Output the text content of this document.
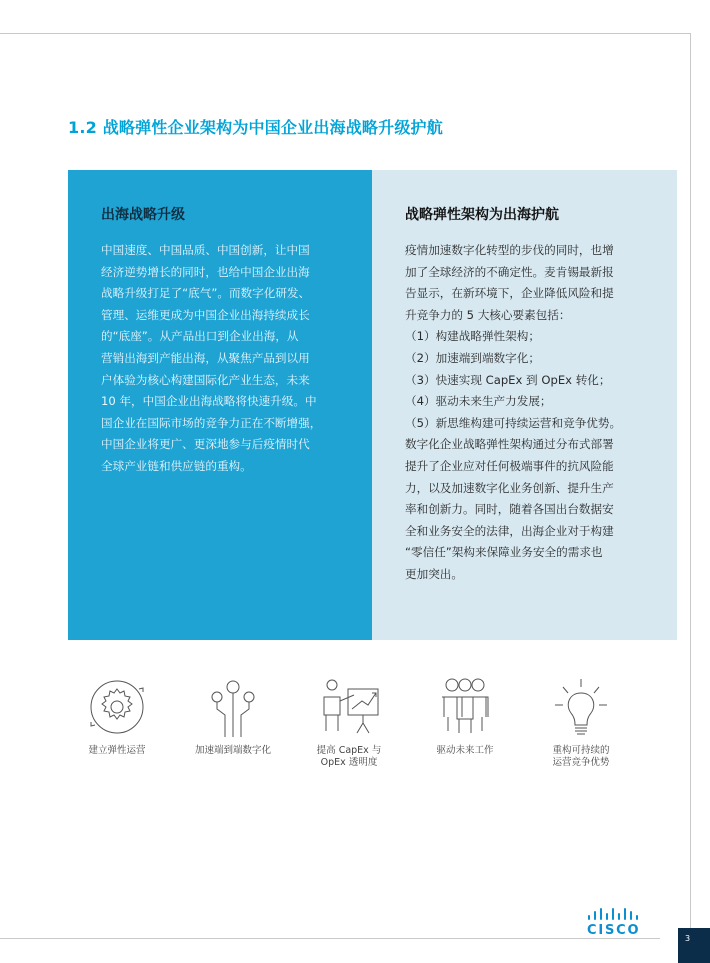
1.2 战略弹性企业架构为中国企业出海战略升级护航
出海战略升级
中国速度、中国品质、中国创新，让中国
经济逆势增长的同时，也给中国企业出海
战略升级打足了“底气”。而数字化研发、
管理、运维更成为中国企业出海持续成长
的“底座”。从产品出口到企业出海，从
营销出海到产能出海，从聚焦产品到以用
户体验为核心构建国际化产业生态，未来
10 年，中国企业出海战略将快速升级。中
国企业在国际市场的竞争力正在不断增强，
中国企业将更广、更深地参与后疫情时代
全球产业链和供应链的重构。
战略弹性架构为出海护航
疫情加速数字化转型的步伐的同时，也增
加了全球经济的不确定性。麦肯锡最新报
告显示，在新环境下，企业降低风险和提
升竞争力的 5 大核心要素包括：
（1）构建战略弹性架构；
（2）加速端到端数字化；
（3）快速实现 CapEx 到 OpEx 转化；
（4）驱动未来生产力发展；
（5）新思维构建可持续运营和竞争优势。
数字化企业战略弹性架构通过分布式部署
提升了企业应对任何极端事件的抗风险能
力，以及加速数字化业务创新、提升生产
率和创新力。同时，随着各国出台数据安
全和业务安全的法律，出海企业对于构建
“零信任”架构来保障业务安全的需求也
更加突出。
建立弹性运营	加速端到端数字化	提高 CapEx 与
OpEx 透明度
驱动未来工作	重构可持续的
运营竞争优势
CISCO
3
